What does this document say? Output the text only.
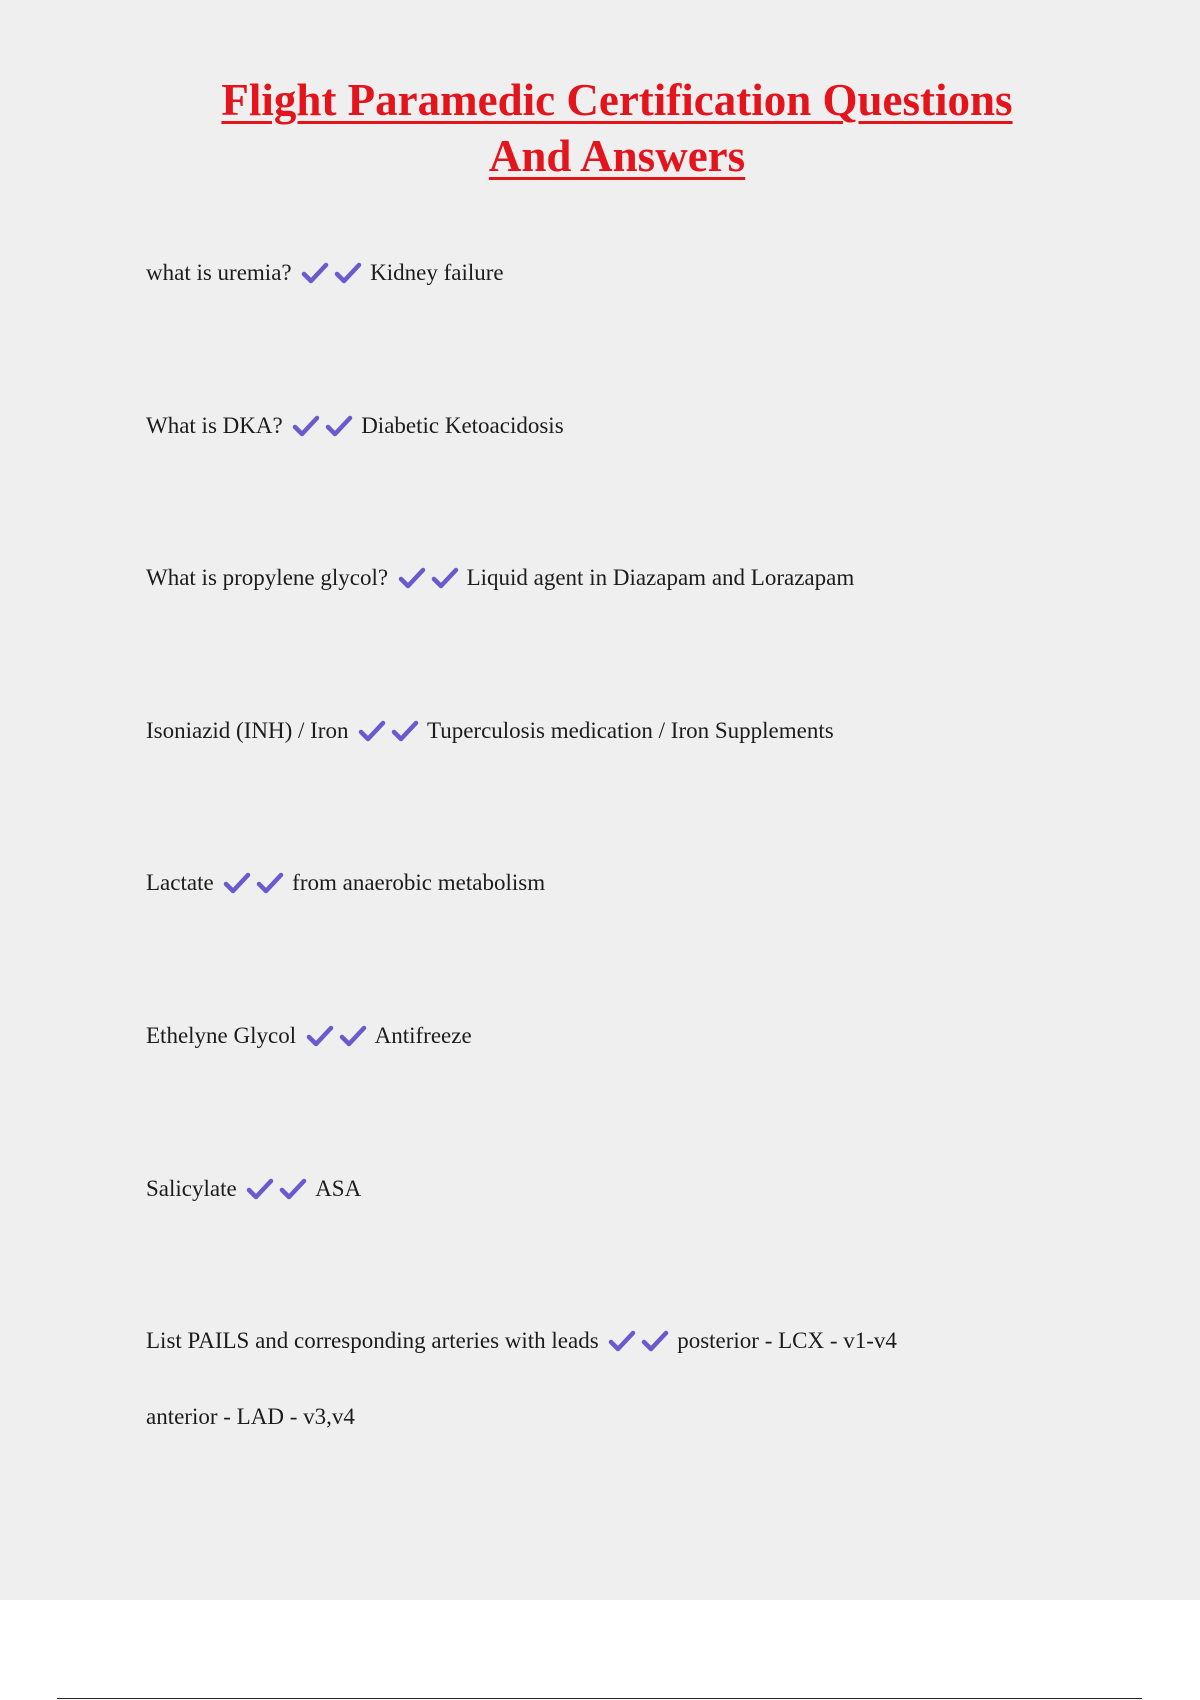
Flight Paramedic Certification Questions
And Answers
what is uremia?	Kidney failure
What is DKA?	Diabetic Ketoacidosis
What is propylene glycol?	Liquid agent in Diazapam and Lorazapam
Isoniazid (INH) / Iron	Tuperculosis medication / Iron Supplements
Lactate	from anaerobic metabolism
Ethelyne Glycol	Antifreeze
Salicylate	ASA
List PAILS and corresponding arteries with leads	posterior - LCX - v1-v4
anterior - LAD - v3,v4
